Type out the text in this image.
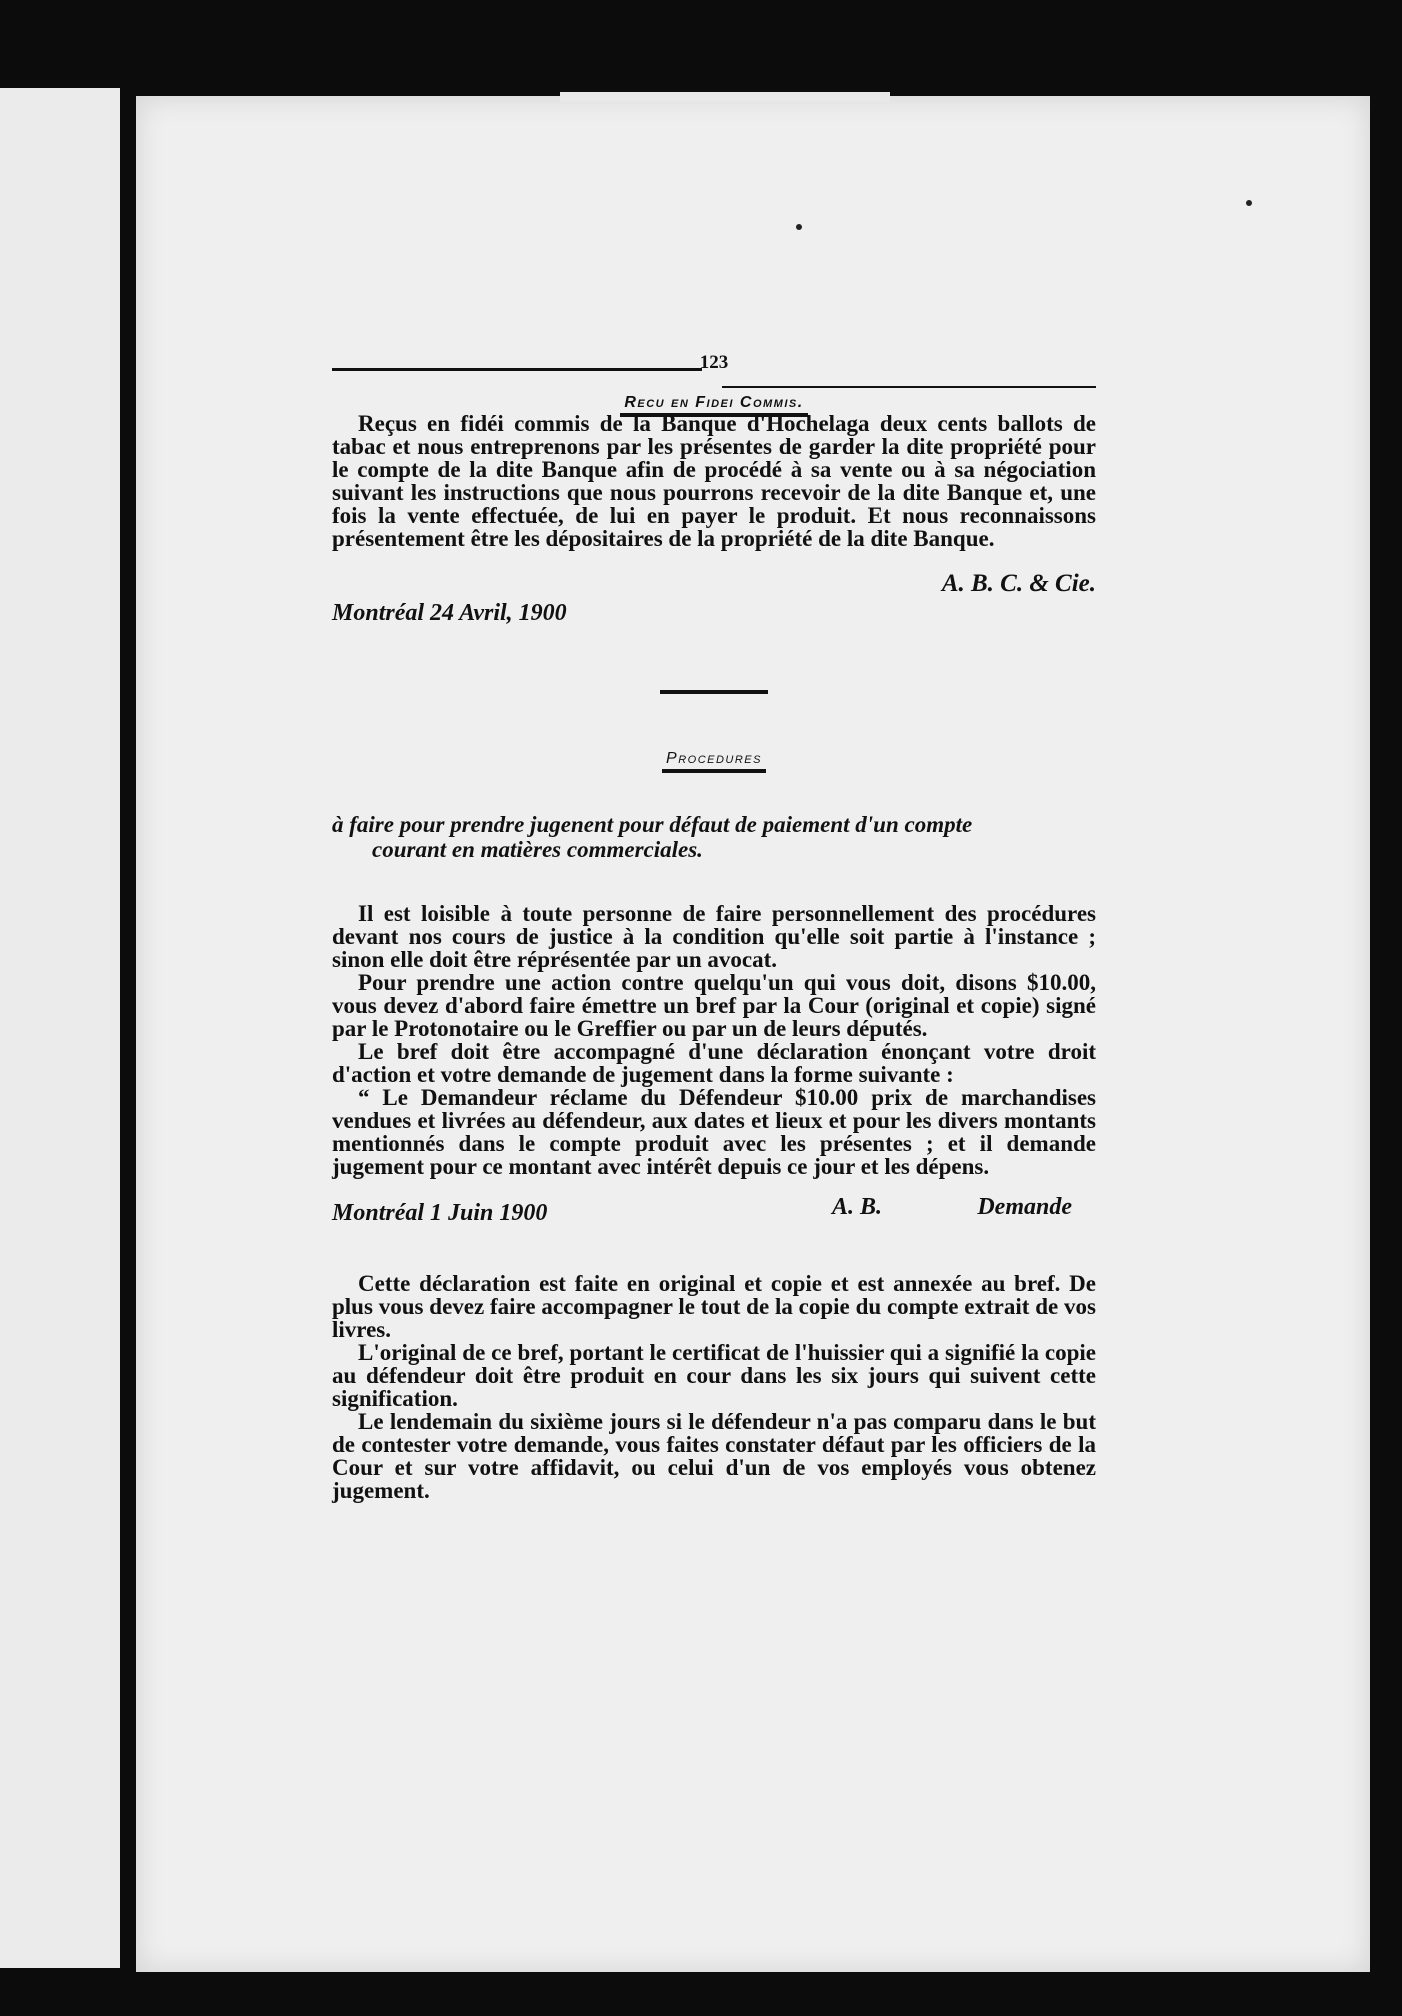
123
Recu en Fidei Commis.

Reçus en fidéi commis de la Banque d'Hochelaga deux cents ballots de tabac et nous entreprenons par les présentes de garder la dite propriété pour le compte de la dite Banque afin de procédé à sa vente ou à sa négociation suivant les instructions que nous pourrons recevoir de la dite Banque et, une fois la vente effectuée, de lui en payer le produit. Et nous reconnaissons présentement être les dépositaires de la propriété de la dite Banque.

A. B. C. & Cie.
Montréal 24 Avril, 1900
Procedures
à faire pour prendre jugenent pour défaut de paiement d'un compte
courant en matières commerciales.

Il est loisible à toute personne de faire personnellement des procédures devant nos cours de justice à la condition qu'elle soit partie à l'instance ; sinon elle doit être réprésentée par un avocat.

Pour prendre une action contre quelqu'un qui vous doit, disons $10.00, vous devez d'abord faire émettre un bref par la Cour (original et copie) signé par le Protonotaire ou le Greffier ou par un de leurs députés.

Le bref doit être accompagné d'une déclaration énonçant votre droit d'action et votre demande de jugement dans la forme suivante :

“ Le Demandeur réclame du Défendeur $10.00 prix de marchandises vendues et livrées au défendeur, aux dates et lieux et pour les divers montants mentionnés dans le compte produit avec les présentes ; et il demande jugement pour ce montant avec intérêt depuis ce jour et les dépens.

Montréal 1 Juin 1900	A. B.	Demande

Cette déclaration est faite en original et copie et est annexée au bref. De plus vous devez faire accompagner le tout de la copie du compte extrait de vos livres.

L'original de ce bref, portant le certificat de l'huissier qui a signifié la copie au défendeur doit être produit en cour dans les six jours qui suivent cette signification.

Le lendemain du sixième jours si le défendeur n'a pas comparu dans le but de contester votre demande, vous faites constater défaut par les officiers de la Cour et sur votre affidavit, ou celui d'un de vos employés vous obtenez jugement.
